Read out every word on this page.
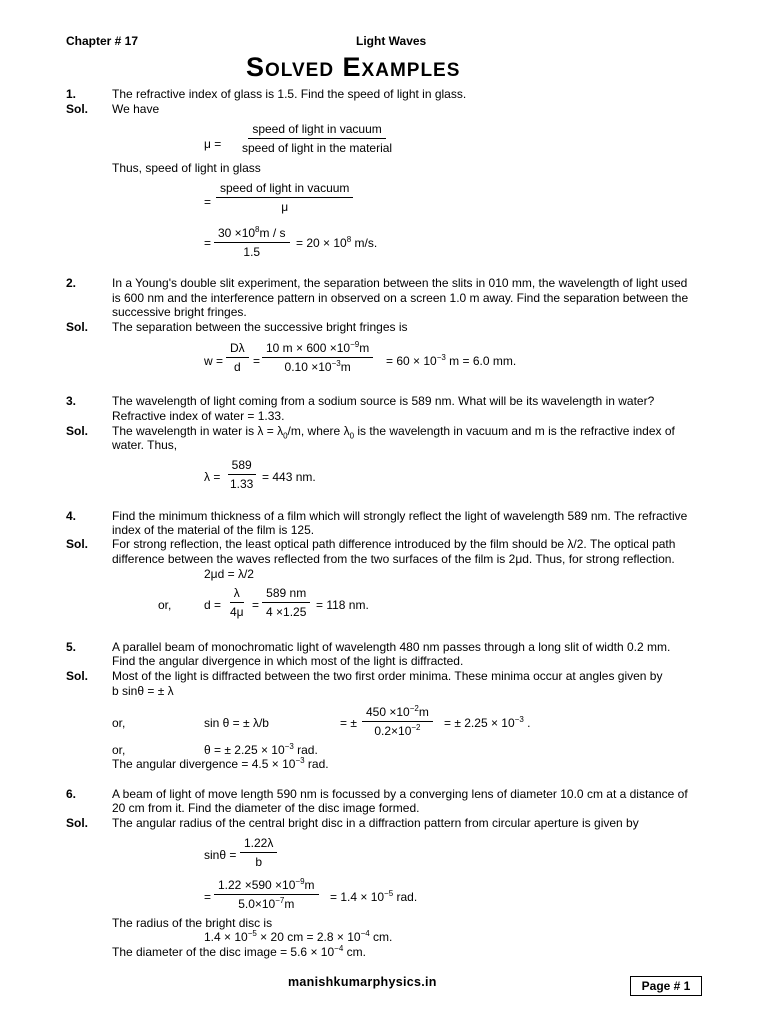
Chapter # 17	Light Waves
Solved Examples
1.	The refractive index of glass is 1.5. Find the speed of light in glass.
Sol. We have
μ =
speed of light in vacuum
speed of light in the material
Thus, speed of light in glass
=
speed of light in vacuum
μ
= $\frac{30 \times 10^8m / s}{1.5} = 20 \times 10^8$ m/s.
2.	In a Young's double slit experiment, the separation between the slits in 010 mm, the wavelength of light used
is 600 nm and the interference pattern in observed on a screen 1.0 m away. Find the separation between the
successive bright fringes.
Sol. The separation between the successive bright fringes is
$w = \frac{D\lambda}{d} = \frac{10 m \times 600 \times 10^{-9}m}{0.10 \times 10^{-3}m} = 60 \times 10^{-3}$ m = 6.0 mm.
3.	The wavelength of light coming from a sodium source is 589 nm. What will be its wavelength in water?
Refractive index of water = 1.33.
Sol. The wavelength in water is $\lambda = \lambda_0/m$, where $\lambda_0$ is the wavelength in vacuum and m is the refractive index of
water. Thus,
$\lambda = \frac{589}{1.33} = 443$ nm.
4.	Find the minimum thickness of a film which will strongly reflect the light of wavelength 589 nm. The refractive
index of the material of the film is 125.
Sol. For strong reflection, the least optical path difference introduced by the film should be λ/2. The optical path
difference between the waves reflected from the two surfaces of the film is 2μd. Thus, for strong reflection.
2μd = λ/2
or,	$d = \frac{\lambda}{4\mu} = \frac{589 nm}{4 \times 1.25} = 118$ nm.
5.	A parallel beam of monochromatic light of wavelength 480 nm passes through a long slit of width 0.2 mm.
Find the angular divergence in which most of the light is diffracted.
Sol. Most of the light is diffracted between the two first order minima. These minima occur at angles given by
b sinθ = ± λ
or,	sin θ = ± λ/b	= ± $\frac{450 \times 10^{-2}m}{0.2\times 10^{-2}}$ = ± $2.25 \times 10^{-3}$ .
or,	θ = ± $2.25 \times 10^{-3}$ rad.
The angular divergence = $4.5 \times 10^{-3}$ rad.
6.	A beam of light of move length 590 nm is focussed by a converging lens of diameter 10.0 cm at a distance of
20 cm from it. Find the diameter of the disc image formed.
Sol. The angular radius of the central bright disc in a diffraction pattern from circular aperture is given by
$\sin\theta = \frac{1.22\lambda}{b}$
= $\frac{1.22 \times 590 \times 10^{-9}m}{5.0\times 10^{-7}m} = 1.4 \times 10^{-5}$ rad.
The radius of the bright disc is
$1.4 \times 10^{-5} \times 20$ cm = $2.8 \times 10^{-4}$ cm.
The diameter of the disc image = $5.6 \times 10^{-4}$ cm.
manishkumarphysics.in	Page # 1
